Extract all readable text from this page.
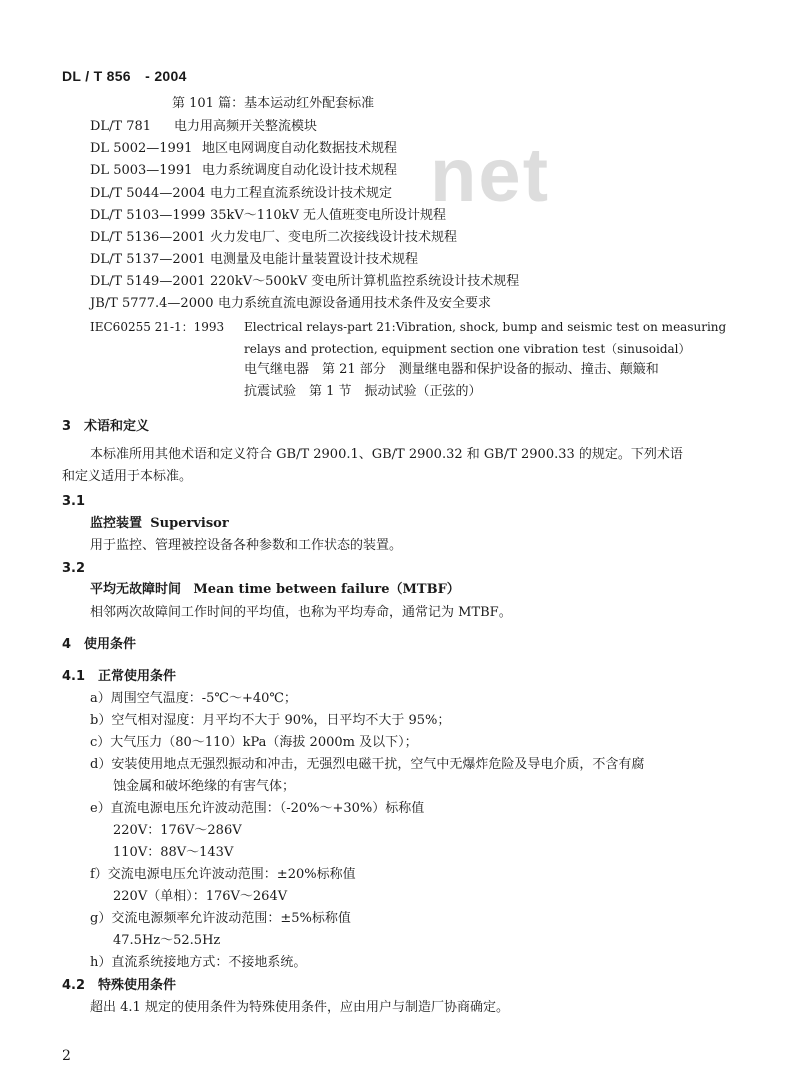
DL / T 856　- 2004
net
第 101 篇：基本运动红外配套标准
DL/T 781 电力用高频开关整流模块
DL 5002—1991 地区电网调度自动化数据技术规程
DL 5003—1991 电力系统调度自动化设计技术规程
DL/T 5044—2004 电力工程直流系统设计技术规定
DL/T 5103—1999 35kV～110kV 无人值班变电所设计规程
DL/T 5136—2001 火力发电厂、变电所二次接线设计技术规程
DL/T 5137—2001 电测量及电能计量装置设计技术规程
DL/T 5149—2001 220kV～500kV 变电所计算机监控系统设计技术规程
JB/T 5777.4—2000 电力系统直流电源设备通用技术条件及安全要求
IEC60255 21-1：1993 Electrical relays-part 21:Vibration, shock, bump and seismic test on measuring
relays and protection, equipment section one vibration test（sinusoidal）
电气继电器　第 21 部分　测量继电器和保护设备的振动、撞击、颠簸和
抗震试验　第 1 节　振动试验（正弦的）
3　术语和定义
本标准所用其他术语和定义符合 GB/T 2900.1、GB/T 2900.32 和 GB/T 2900.33 的规定。下列术语
和定义适用于本标准。
3.1
监控装置 Supervisor
用于监控、管理被控设备各种参数和工作状态的装置。
3.2
平均无故障时间 Mean time between failure（MTBF）
相邻两次故障间工作时间的平均值，也称为平均寿命，通常记为 MTBF。
4　使用条件
4.1　正常使用条件
a）周围空气温度：-5℃～+40℃；
b）空气相对湿度：月平均不大于 90%，日平均不大于 95%；
c）大气压力（80～110）kPa（海拔 2000m 及以下）；
d）安装使用地点无强烈振动和冲击，无强烈电磁干扰，空气中无爆炸危险及导电介质，不含有腐
蚀金属和破坏绝缘的有害气体；
e）直流电源电压允许波动范围：（-20%～+30%）标称值
220V：176V～286V
110V：88V～143V
f）交流电源电压允许波动范围：±20%标称值
220V（单相）：176V～264V
g）交流电源频率允许波动范围：±5%标称值
47.5Hz～52.5Hz
h）直流系统接地方式：不接地系统。
4.2　特殊使用条件
超出 4.1 规定的使用条件为特殊使用条件，应由用户与制造厂协商确定。
2
